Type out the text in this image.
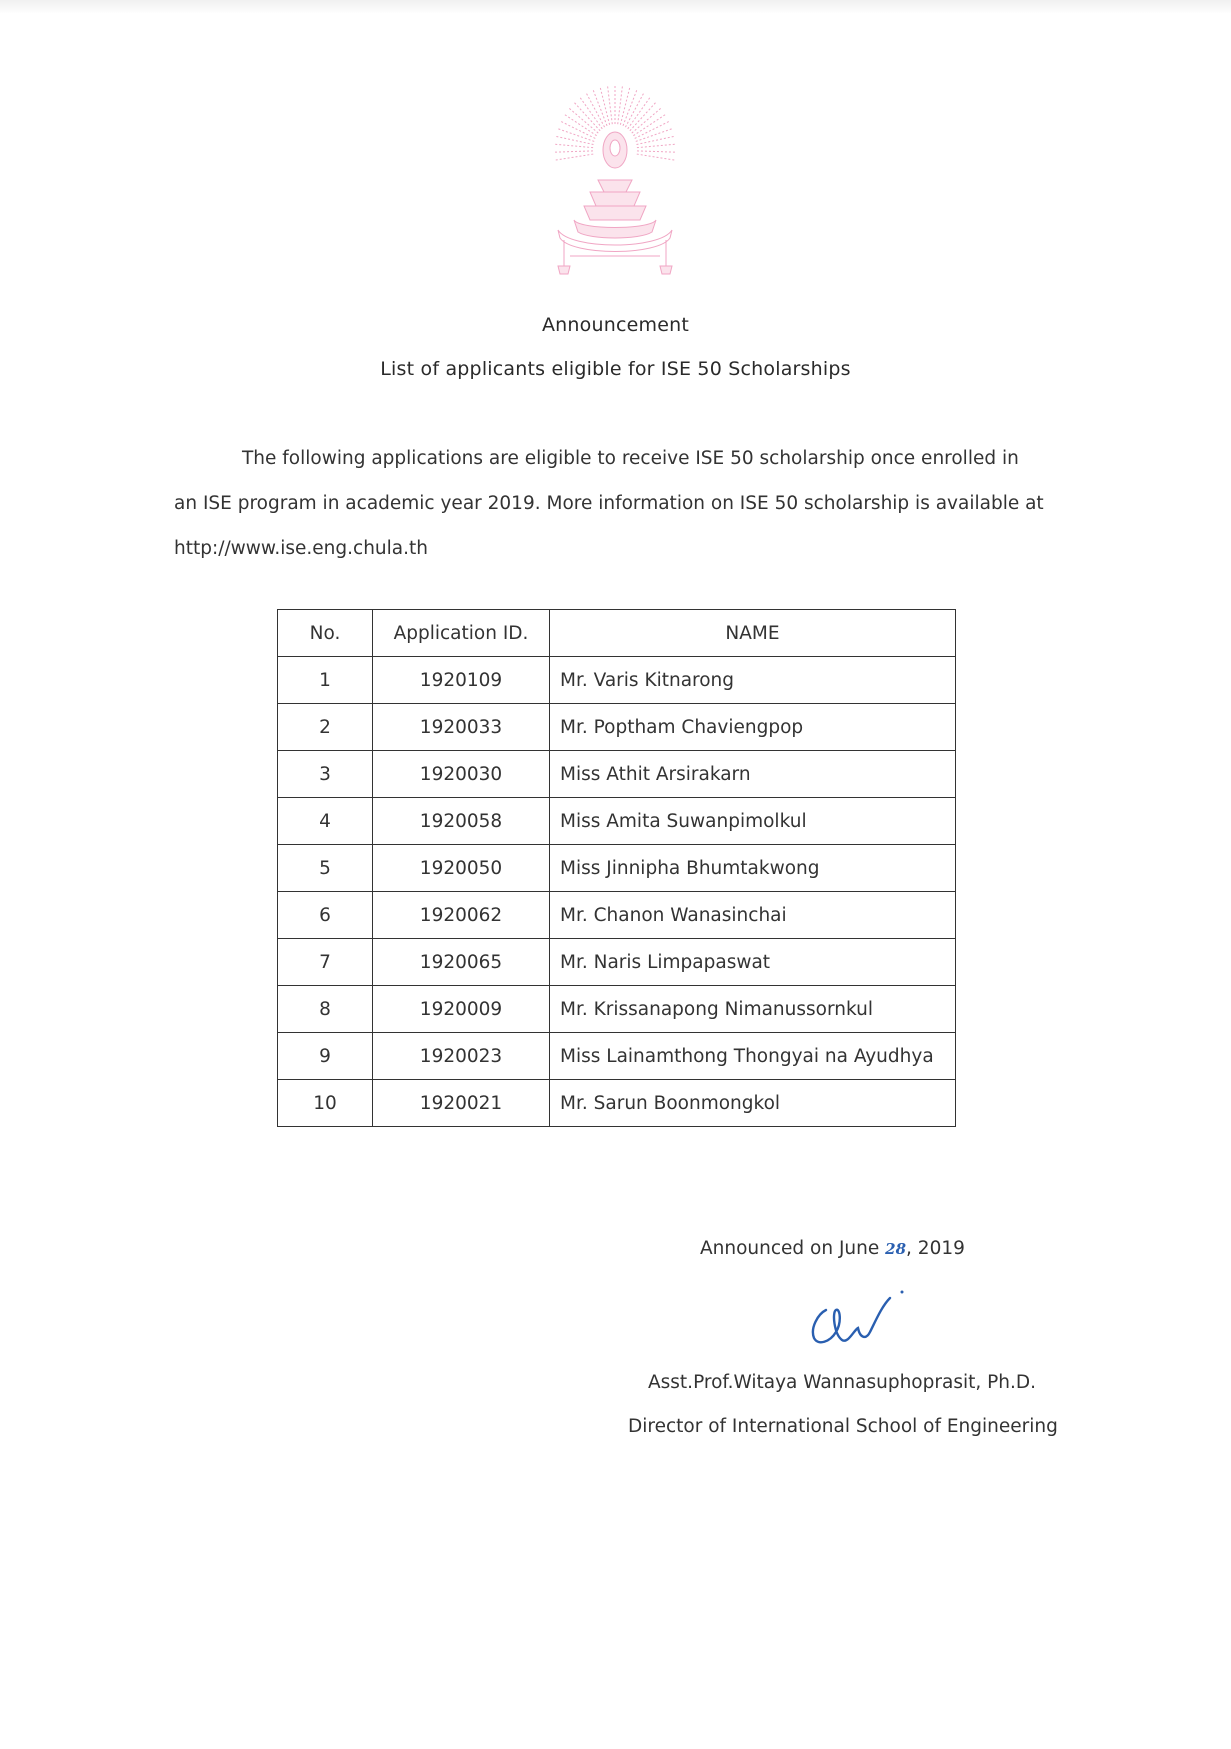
Announcement
List of applicants eligible for ISE 50 Scholarships
The following applications are eligible to receive ISE 50 scholarship once enrolled in
an ISE program in academic year 2019. More information on ISE 50 scholarship is available at
http://www.ise.eng.chula.th
No.	Application ID.	NAME
1	1920109	Mr. Varis Kitnarong
2	1920033	Mr. Poptham Chaviengpop
3	1920030	Miss Athit Arsirakarn
4	1920058	Miss Amita Suwanpimolkul
5	1920050	Miss Jinnipha Bhumtakwong
6	1920062	Mr. Chanon Wanasinchai
7	1920065	Mr. Naris Limpapaswat
8	1920009	Mr. Krissanapong Nimanussornkul
9	1920023	Miss Lainamthong Thongyai na Ayudhya
10	1920021	Mr. Sarun Boonmongkol
Announced on June 28, 2019
Asst.Prof.Witaya Wannasuphoprasit, Ph.D.
Director of International School of Engineering
